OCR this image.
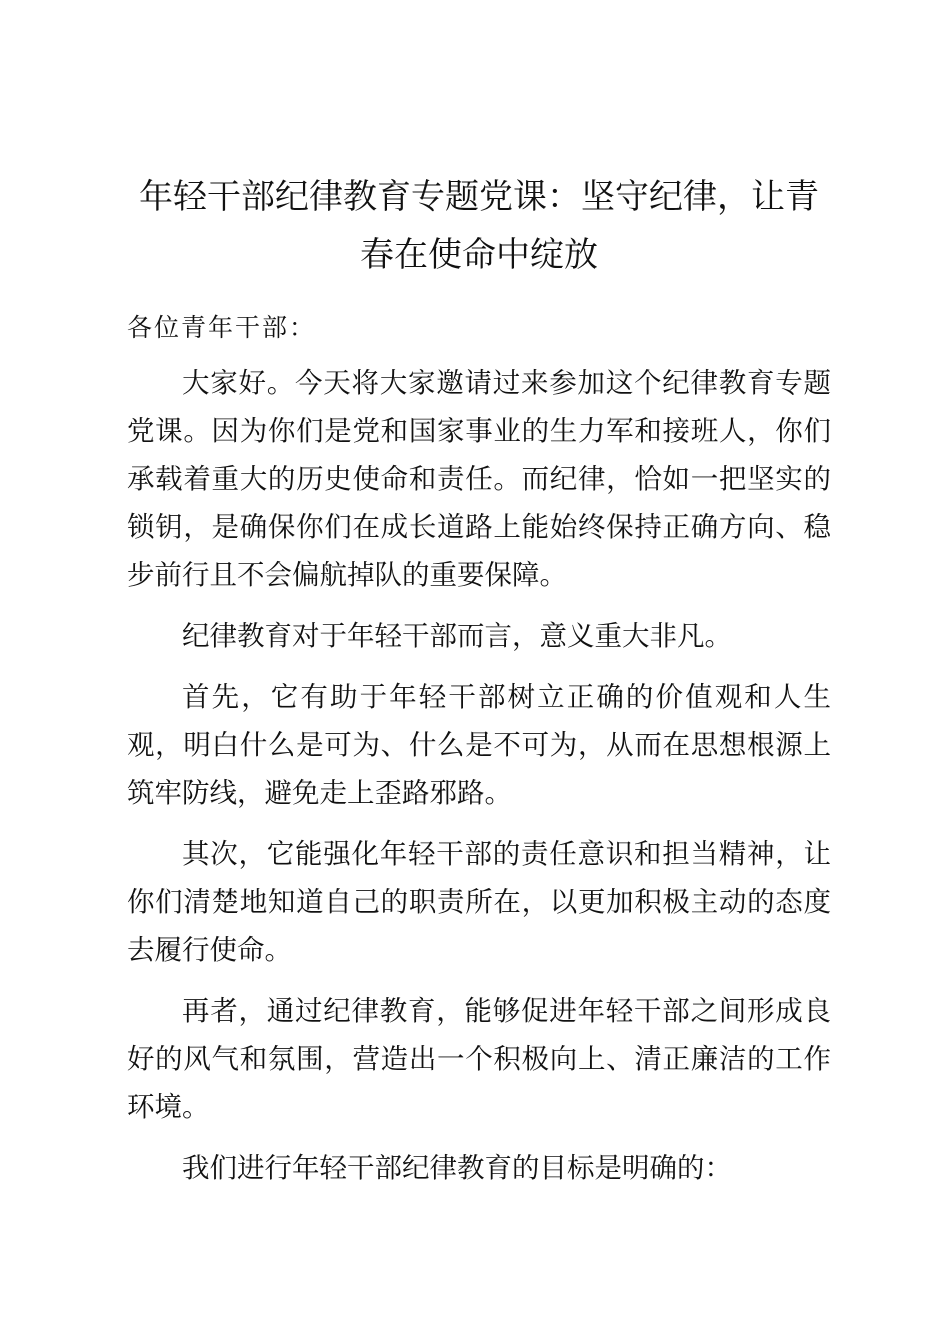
年轻干部纪律教育专题党课：坚守纪律，让青春在使命中绽放

各位青年干部：

大家好。今天将大家邀请过来参加这个纪律教育专题党课。因为你们是党和国家事业的生力军和接班人，你们承载着重大的历史使命和责任。而纪律，恰如一把坚实的锁钥，是确保你们在成长道路上能始终保持正确方向、稳步前行且不会偏航掉队的重要保障。

纪律教育对于年轻干部而言，意义重大非凡。

首先，它有助于年轻干部树立正确的价值观和人生观，明白什么是可为、什么是不可为，从而在思想根源上筑牢防线，避免走上歪路邪路。

其次，它能强化年轻干部的责任意识和担当精神，让你们清楚地知道自己的职责所在，以更加积极主动的态度去履行使命。

再者，通过纪律教育，能够促进年轻干部之间形成良好的风气和氛围，营造出一个积极向上、清正廉洁的工作环境。

我们进行年轻干部纪律教育的目标是明确的：
